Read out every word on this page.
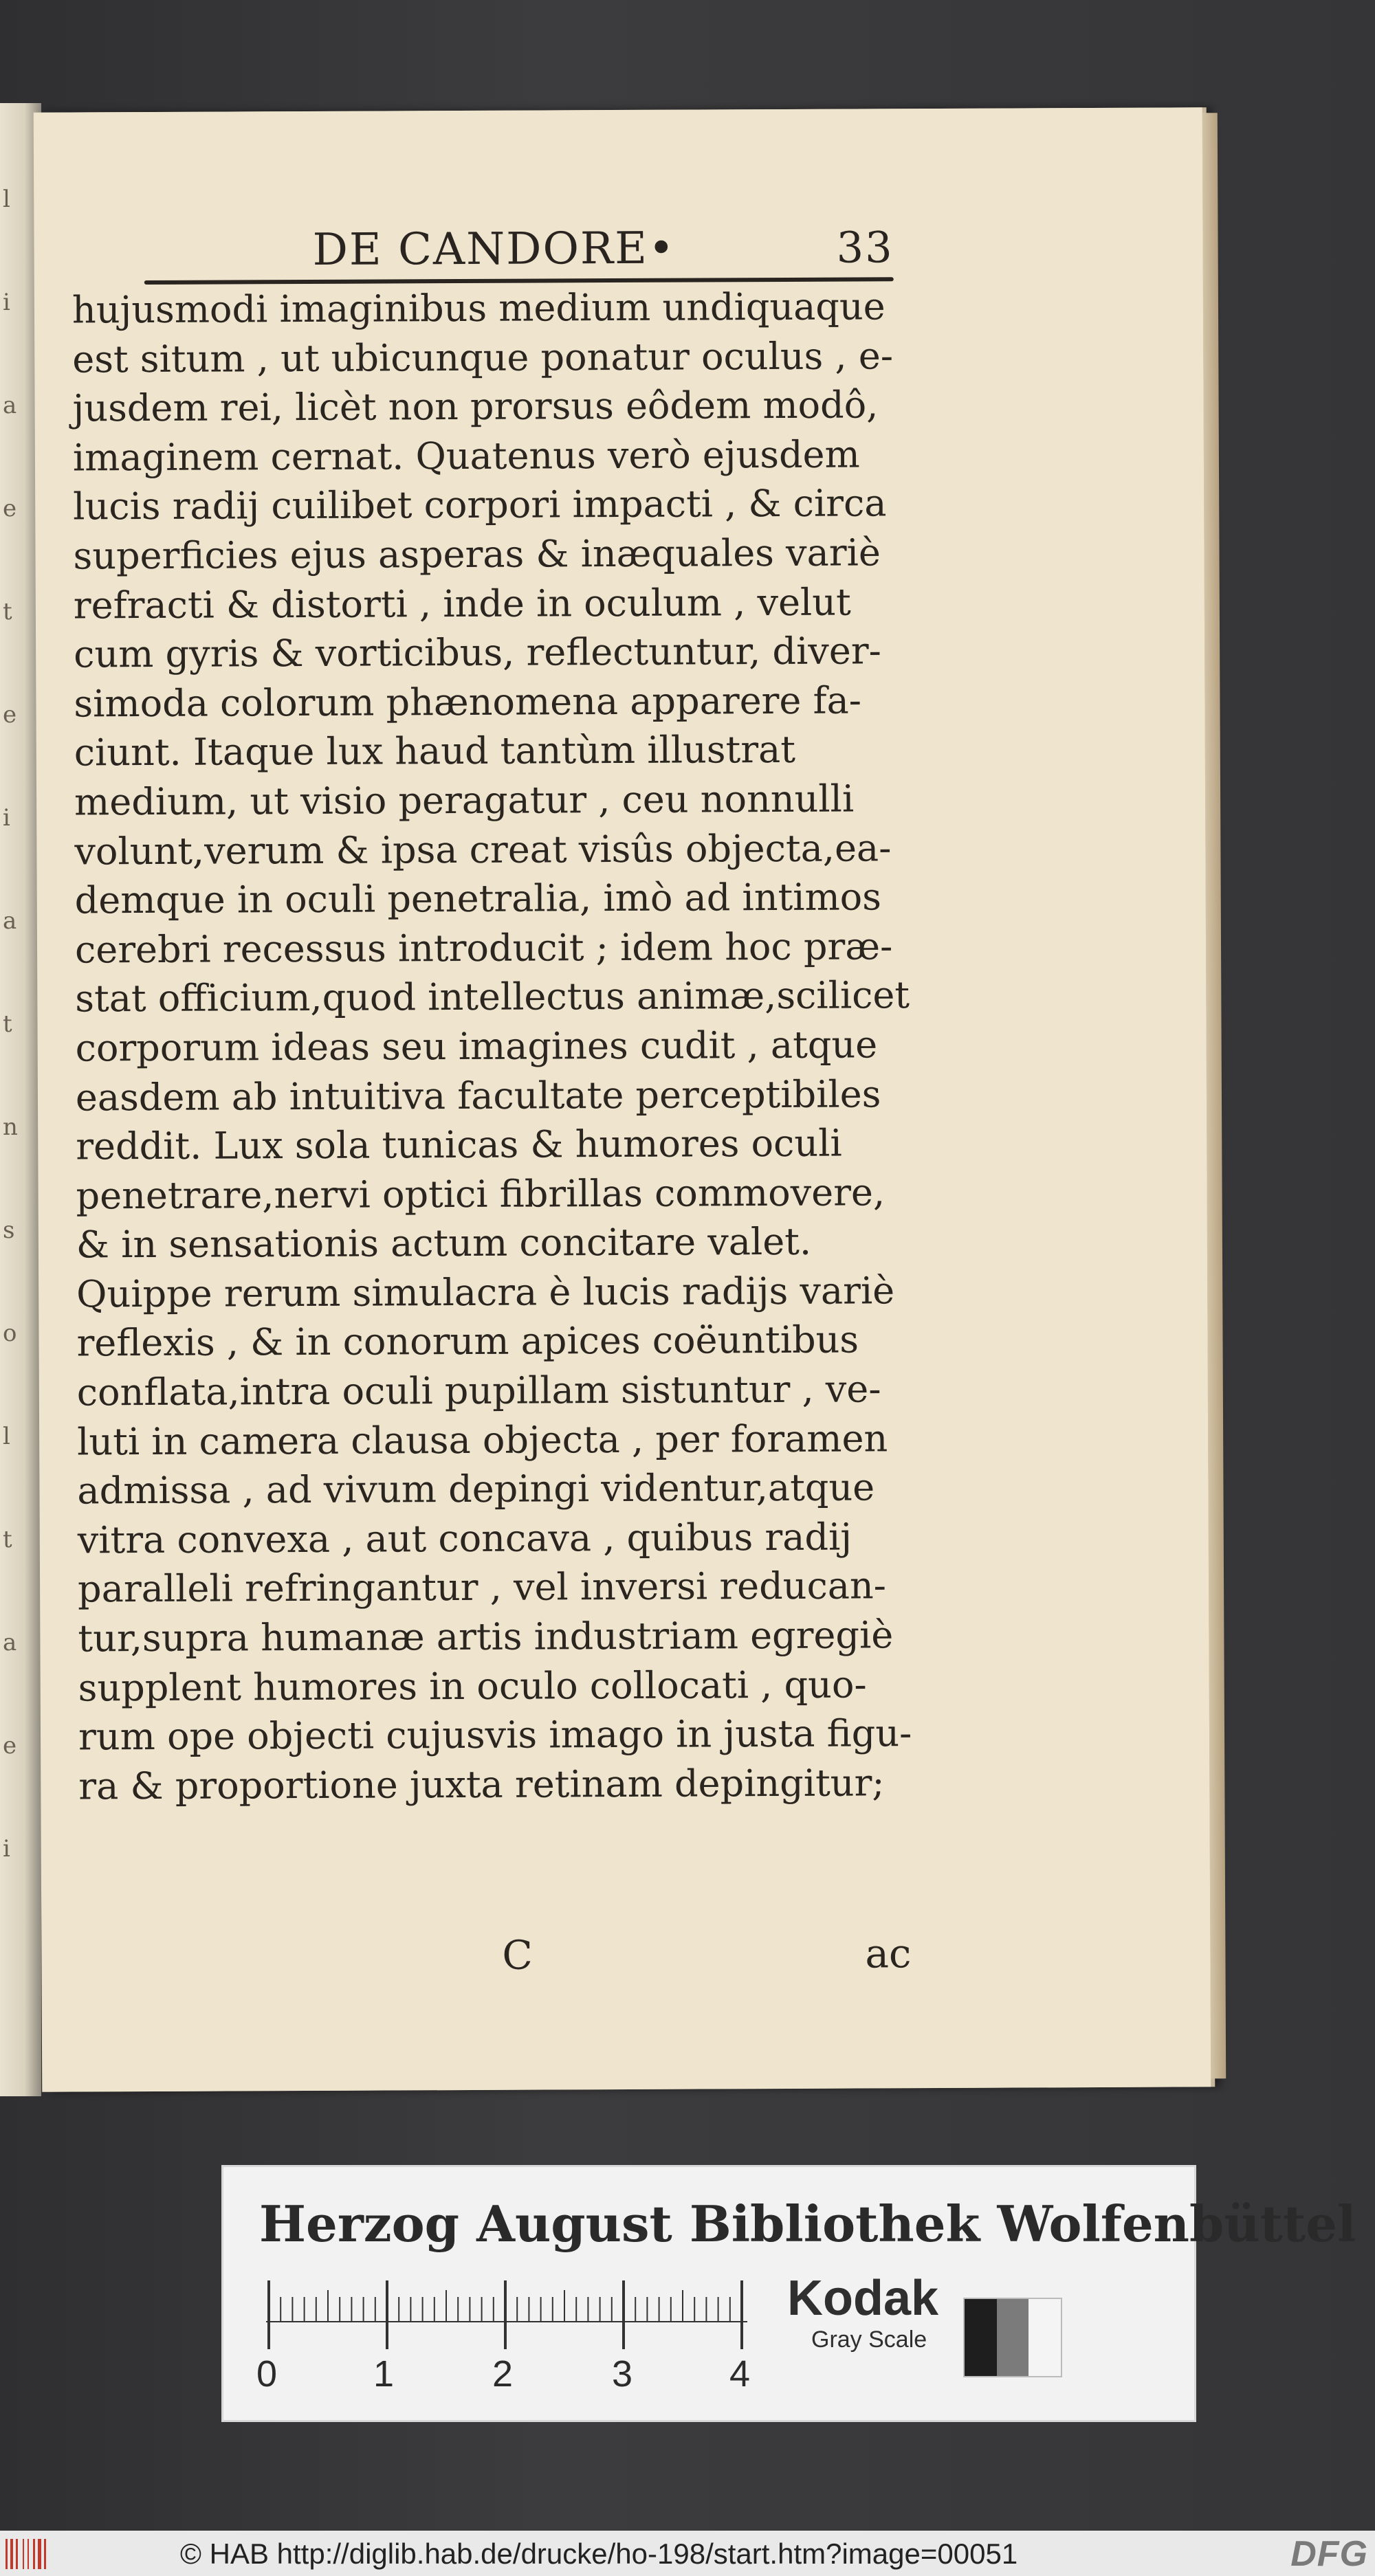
l
i
a
e
t
e
i
a
t
n
s
o
l
t
a
e
i
DE CANDORE•	33
hujusmodi imaginibus medium undiquaque
est situm , ut ubicunque ponatur oculus , e-
jusdem rei, licèt non prorsus eôdem modô,
imaginem cernat. Quatenus verò ejusdem
lucis radij cuilibet corpori impacti , & circa
superficies ejus asperas & inæquales variè
refracti & distorti , inde in oculum , velut
cum gyris & vorticibus, reflectuntur, diver-
simoda colorum phænomena apparere fa-
ciunt. Itaque lux haud tantùm illustrat
medium, ut visio peragatur , ceu nonnulli
volunt,verum & ipsa creat visûs objecta,ea-
demque in oculi penetralia, imò ad intimos
cerebri recessus introducit ; idem hoc præ-
stat officium,quod intellectus animæ,scilicet
corporum ideas seu imagines cudit , atque
easdem ab intuitiva facultate perceptibiles
reddit. Lux sola tunicas & humores oculi
penetrare,nervi optici fibrillas commovere,
& in sensationis actum concitare valet.
Quippe rerum simulacra è lucis radijs variè
reflexis , & in conorum apices coëuntibus
conflata,intra oculi pupillam sistuntur , ve-
luti in camera clausa objecta , per foramen
admissa , ad vivum depingi videntur,atque
vitra convexa , aut concava , quibus radij
paralleli refringantur , vel inversi reducan-
tur,supra humanæ artis industriam egregiè
supplent humores in oculo collocati , quo-
rum ope objecti cujusvis imago in justa figu-
ra & proportione juxta retinam depingitur;
C	ac
Herzog August Bibliothek Wolfenbüttel
0	1	2	3	4
Kodak
Gray Scale
© HAB http://diglib.hab.de/drucke/ho-198/start.htm?image=00051	DFG
